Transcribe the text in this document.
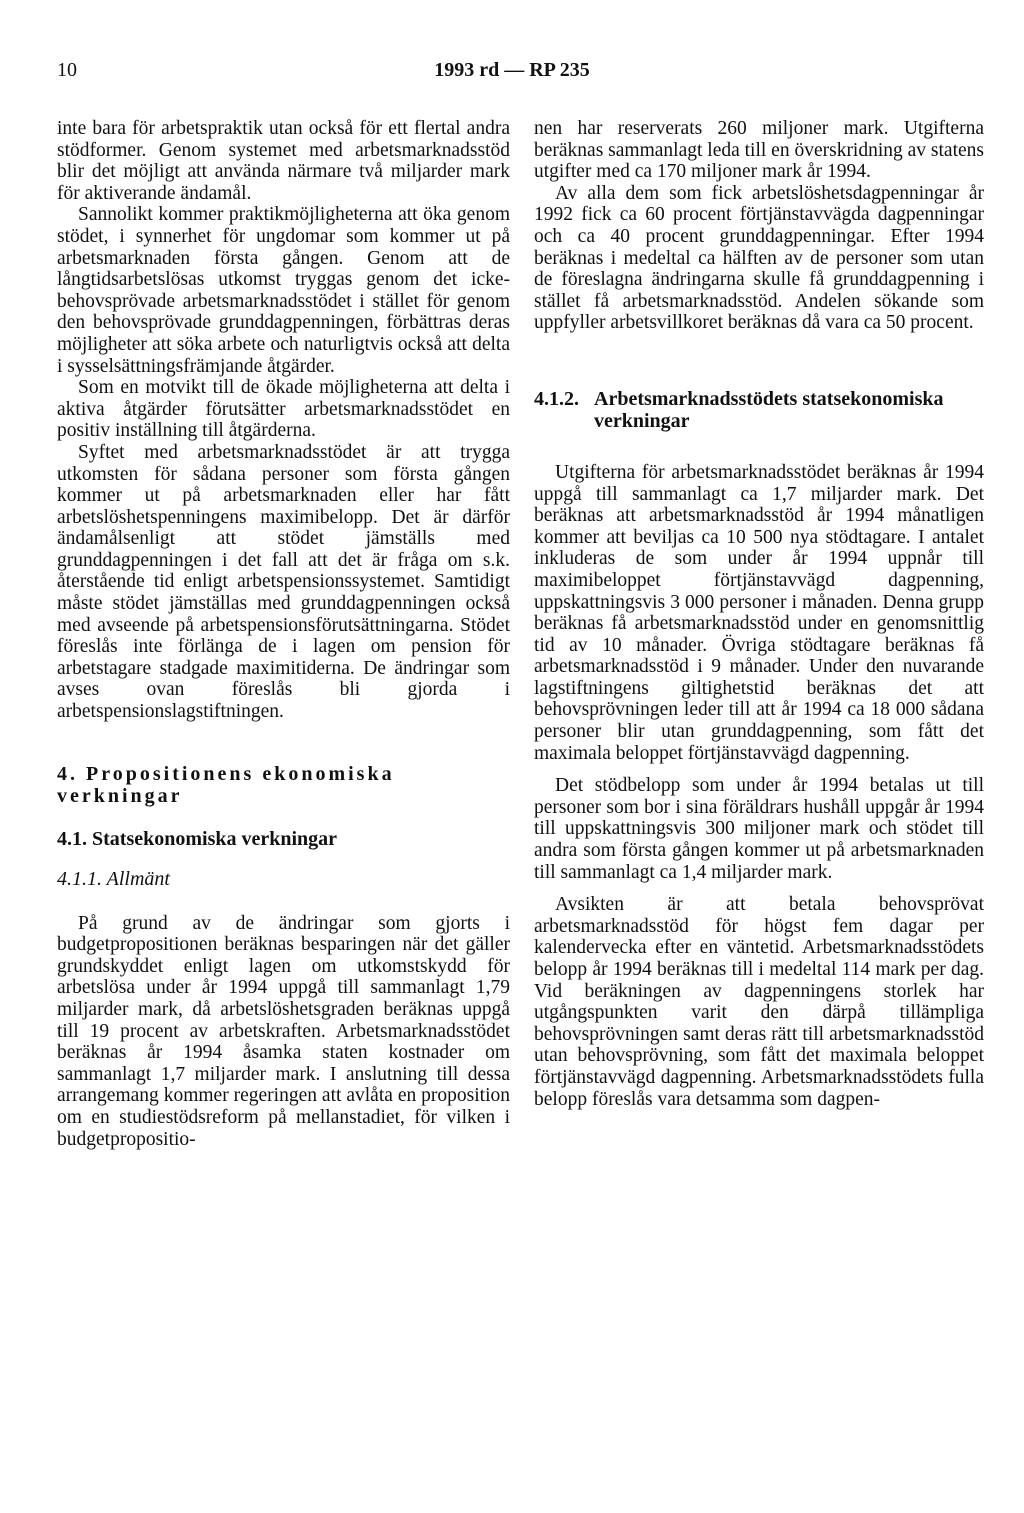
10	1993 rd — RP 235

inte bara för arbetspraktik utan också för ett flertal andra stödformer. Genom systemet med arbetsmarknadsstöd blir det möjligt att använda närmare två miljarder mark för aktiverande ändamål.

Sannolikt kommer praktikmöjligheterna att öka genom stödet, i synnerhet för ungdomar som kommer ut på arbetsmarknaden första gången. Genom att de långtidsarbetslösas utkomst tryggas genom det icke-behovsprövade arbetsmarknadsstödet i stället för genom den behovsprövade grunddagpenningen, förbättras deras möjligheter att söka arbete och naturligtvis också att delta i sysselsättningsfrämjande åtgärder.

Som en motvikt till de ökade möjligheterna att delta i aktiva åtgärder förutsätter arbetsmarknadsstödet en positiv inställning till åtgärderna.

Syftet med arbetsmarknadsstödet är att trygga utkomsten för sådana personer som första gången kommer ut på arbetsmarknaden eller har fått arbetslöshetspenningens maximibelopp. Det är därför ändamålsenligt att stödet jämställs med grunddagpenningen i det fall att det är fråga om s.k. återstående tid enligt arbetspensionssystemet. Samtidigt måste stödet jämställas med grunddagpenningen också med avseende på arbetspensionsförutsättningarna. Stödet föreslås inte förlänga de i lagen om pension för arbetstagare stadgade maximitiderna. De ändringar som avses ovan föreslås bli gjorda i arbetspensionslagstiftningen.

4. Propositionens ekonomiska verkningar
4.1. Statsekonomiska verkningar
4.1.1. Allmänt

På grund av de ändringar som gjorts i budgetpropositionen beräknas besparingen när det gäller grundskyddet enligt lagen om utkomstskydd för arbetslösa under år 1994 uppgå till sammanlagt 1,79 miljarder mark, då arbetslöshetsgraden beräknas uppgå till 19 procent av arbetskraften. Arbetsmarknadsstödet beräknas år 1994 åsamka staten kostnader om sammanlagt 1,7 miljarder mark. I anslutning till dessa arrangemang kommer regeringen att avlåta en proposition om en studiestödsreform på mellanstadiet, för vilken i budgetpropositio-

nen har reserverats 260 miljoner mark. Utgifterna beräknas sammanlagt leda till en överskridning av statens utgifter med ca 170 miljoner mark år 1994.

Av alla dem som fick arbetslöshetsdagpenningar år 1992 fick ca 60 procent förtjänstavvägda dagpenningar och ca 40 procent grunddagpenningar. Efter 1994 beräknas i medeltal ca hälften av de personer som utan de föreslagna ändringarna skulle få grunddagpenning i stället få arbetsmarknadsstöd. Andelen sökande som uppfyller arbetsvillkoret beräknas då vara ca 50 procent.

4.1.2. Arbetsmarknadsstödets statsekonomiska verkningar

Utgifterna för arbetsmarknadsstödet beräknas år 1994 uppgå till sammanlagt ca 1,7 miljarder mark. Det beräknas att arbetsmarknadsstöd år 1994 månatligen kommer att beviljas ca 10 500 nya stödtagare. I antalet inkluderas de som under år 1994 uppnår till maximibeloppet förtjänstavvägd dagpenning, uppskattningsvis 3 000 personer i månaden. Denna grupp beräknas få arbetsmarknadsstöd under en genomsnittlig tid av 10 månader. Övriga stödtagare beräknas få arbetsmarknadsstöd i 9 månader. Under den nuvarande lagstiftningens giltighetstid beräknas det att behovsprövningen leder till att år 1994 ca 18 000 sådana personer blir utan grunddagpenning, som fått det maximala beloppet förtjänstavvägd dagpenning.

Det stödbelopp som under år 1994 betalas ut till personer som bor i sina föräldrars hushåll uppgår år 1994 till uppskattningsvis 300 miljoner mark och stödet till andra som första gången kommer ut på arbetsmarknaden till sammanlagt ca 1,4 miljarder mark.

Avsikten är att betala behovsprövat arbetsmarknadsstöd för högst fem dagar per kalendervecka efter en väntetid. Arbetsmarknadsstödets belopp år 1994 beräknas till i medeltal 114 mark per dag. Vid beräkningen av dagpenningens storlek har utgångspunkten varit den därpå tillämpliga behovsprövningen samt deras rätt till arbetsmarknadsstöd utan behovsprövning, som fått det maximala beloppet förtjänstavvägd dagpenning. Arbetsmarknadsstödets fulla belopp föreslås vara detsamma som dagpen-
